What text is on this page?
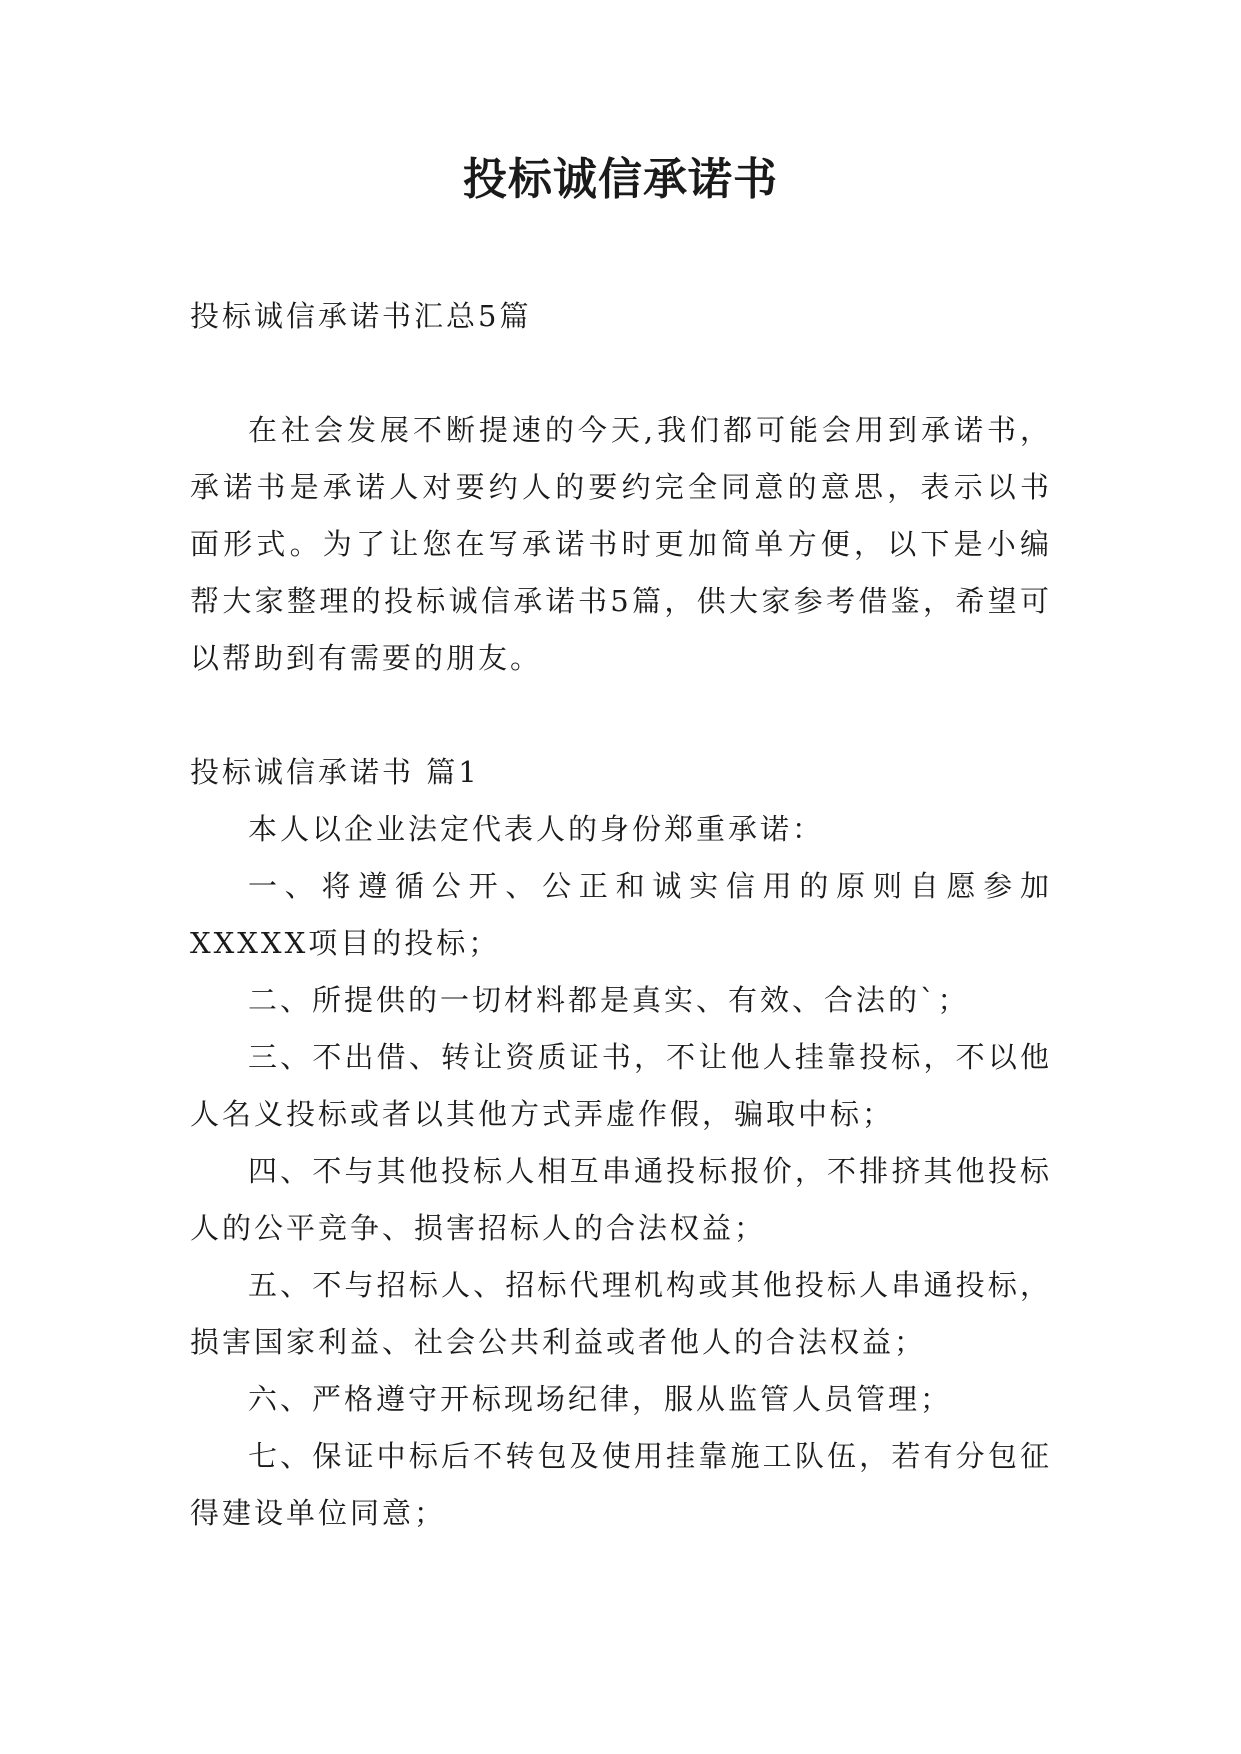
投标诚信承诺书

投标诚信承诺书汇总5篇

在社会发展不断提速的今天,我们都可能会用到承诺书，承诺书是承诺人对要约人的要约完全同意的意思，表示以书面形式。为了让您在写承诺书时更加简单方便，以下是小编帮大家整理的投标诚信承诺书5篇，供大家参考借鉴，希望可以帮助到有需要的朋友。

投标诚信承诺书 篇1

本人以企业法定代表人的身份郑重承诺：

一、将遵循公开、公正和诚实信用的原则自愿参加XXXXX项目的投标；

二、所提供的一切材料都是真实、有效、合法的`；

三、不出借、转让资质证书，不让他人挂靠投标，不以他人名义投标或者以其他方式弄虚作假，骗取中标；

四、不与其他投标人相互串通投标报价，不排挤其他投标人的公平竞争、损害招标人的合法权益；

五、不与招标人、招标代理机构或其他投标人串通投标，损害国家利益、社会公共利益或者他人的合法权益；

六、严格遵守开标现场纪律，服从监管人员管理；

七、保证中标后不转包及使用挂靠施工队伍，若有分包征得建设单位同意；
